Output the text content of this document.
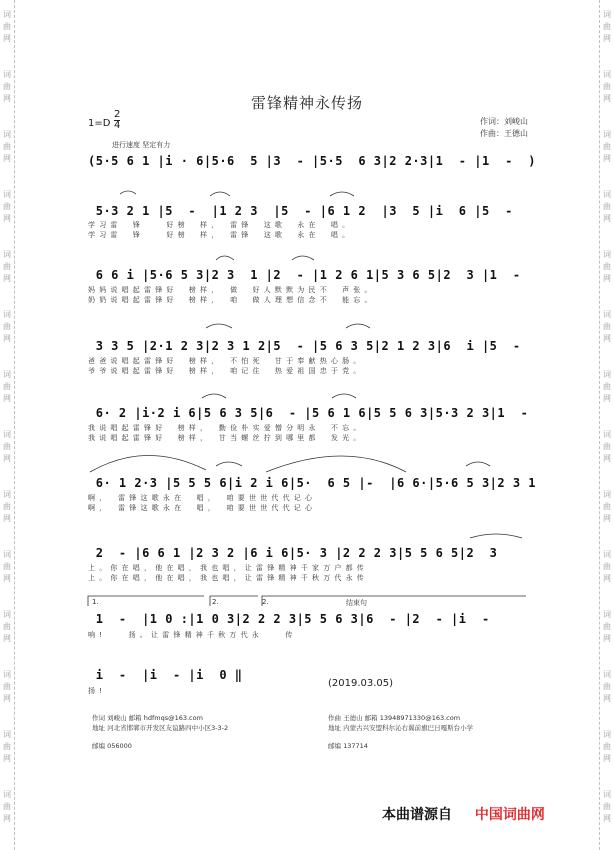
词
曲
网
词
曲
网
词
曲
网
词
曲
网
词
曲
网
词
曲
网
词
曲
网
词
曲
网
词
曲
网
词
曲
网
词
曲
网
词
曲
网
词
曲
网
词
曲
网
词
曲
网
词
曲
网
词
曲
网
词
曲
网
词
曲
网
词
曲
网
词
曲
网
词
曲
网
词
曲
网
词
曲
网
词
曲
网
词
曲
网
词
曲
网
词
曲
网
雷锋精神永传扬
$1=D \frac{2}{4}$
进行速度 坚定有力
作词：刘峻山
作曲：王德山
(5·5 6 1 |i · 6|5·6  5 |3  - |5·5  6 3|2 2·3|1  - |1  -  )
5·3 2 1 |5  -  |1 2 3  |5  - |6 1 2  |3  5 |i  6 |5  -
学习雷　锋　　好榜　样，　雷锋　这歌　永在　唱。
学习雷　锋　　好榜　样，　雷锋　这歌　永在　唱。
6 6 i |5·6 5 3|2 3  1 |2  - |1 2 6 1|5 3 6 5|2  3 |1  -
妈妈说唱起雷锋好　榜样，　做　好人默默为民不　声张。
奶奶说唱起雷锋好　榜样，　咱　做人理想信念不　能忘。
3 3 5 |2·1 2 3|2 3 1 2|5  - |5 6 3 5|2 1 2 3|6  i |5  -
爸爸说唱起雷锋好　榜样，　不怕死　甘于奉献热心肠。
爷爷说唱起雷锋好　榜样，　咱记住　热爱祖国忠于党。
6· 2 |i·2 i 6|5 6 3 5|6  - |5 6 1 6|5 5 6 3|5·3 2 3|1  -
我说唱起雷锋好　榜样，　勤俭朴实爱憎分明永　不忘。
我说唱起雷锋好　榜样，　甘当螺丝拧到哪里都　发光。
6· 1 2·3 |5 5 5 6|i 2 i 6|5·  6 5 |-  |6 6·|5·6 5 3|2 3 1
啊，　雷锋这歌永在　唱，　咱要世世代代记心
啊，　雷锋这歌永在　唱，　咱要世世代代记心
2  - |6 6 1 |2 3 2 |6 i 6|5· 3 |2 2 2 3|5 5 6 5|2  3
上。你在唱，他在唱，我也唱，让雷锋精神千家万户都传
上。你在唱，他在唱，我也唱，让雷锋精神千秋万代永传
1.	2.	2.	结束句
1  -  |1 0 :|1 0 3|2 2 2 3|5 5 6 3|6  - |2  - |i  -
响!　　扬。让雷锋精神千秋万代永　　传
i  -  |i  - |i  0 ‖
扬!
(2019.03.05)
作词 刘峻山 邮箱 hdfmqs@163.com
地址 河北省邯郸市开发区友谊路四中小区3-3-2
邮编 056000
作曲 王德山 邮箱 13948971330@163.com
地址 内蒙古兴安盟科尔沁右翼前旗巴日嘎斯台小学
邮编 137714
本曲谱源自 中国词曲网
